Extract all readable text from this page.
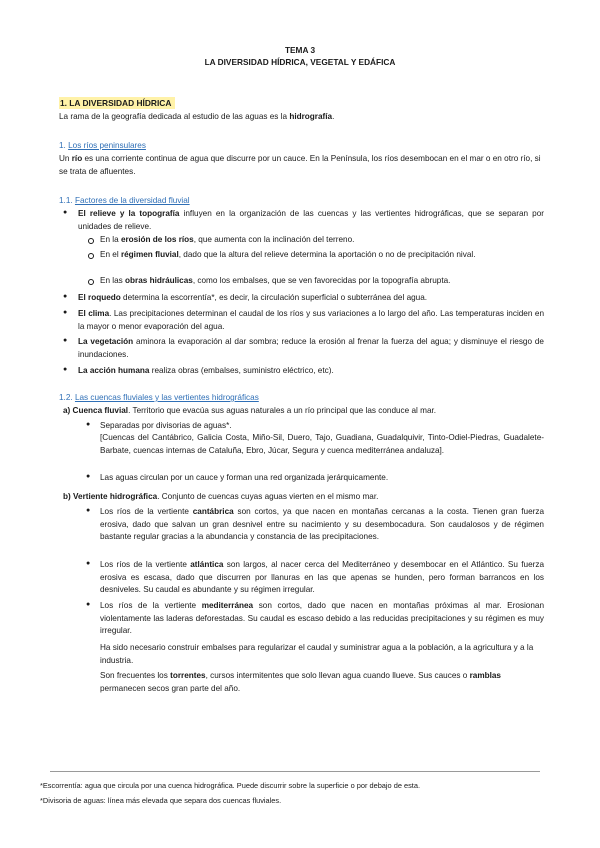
TEMA 3
LA DIVERSIDAD HÍDRICA, VEGETAL Y EDÁFICA
1. LA DIVERSIDAD HÍDRICA
La rama de la geografía dedicada al estudio de las aguas es la hidrografía.
1. Los ríos peninsulares
Un río es una corriente continua de agua que discurre por un cauce. En la Península, los ríos desembocan en el mar o en otro río, si se trata de afluentes.
1.1. Factores de la diversidad fluvial
● El relieve y la topografía influyen en la organización de las cuencas y las vertientes hidrográficas, que se separan por unidades de relieve.
En la erosión de los ríos, que aumenta con la inclinación del terreno.
En el régimen fluvial, dado que la altura del relieve determina la aportación o no de precipitación nival.
En las obras hidráulicas, como los embalses, que se ven favorecidas por la topografía abrupta.
● El roquedo determina la escorrentía*, es decir, la circulación superficial o subterránea del agua.
● El clima. Las precipitaciones determinan el caudal de los ríos y sus variaciones a lo largo del año. Las temperaturas inciden en la mayor o menor evaporación del agua.
● La vegetación aminora la evaporación al dar sombra; reduce la erosión al frenar la fuerza del agua; y disminuye el riesgo de inundaciones.
● La acción humana realiza obras (embalses, suministro eléctrico, etc).
1.2. Las cuencas fluviales y las vertientes hidrográficas
a) Cuenca fluvial. Territorio que evacúa sus aguas naturales a un río principal que las conduce al mar.
● Separadas por divisorias de aguas*.
[Cuencas del Cantábrico, Galicia Costa, Miño-Sil, Duero, Tajo, Guadiana, Guadalquivir, Tinto-Odiel-Piedras, Guadalete-Barbate, cuencas internas de Cataluña, Ebro, Júcar, Segura y cuenca mediterránea andaluza].
● Las aguas circulan por un cauce y forman una red organizada jerárquicamente.
b) Vertiente hidrográfica. Conjunto de cuencas cuyas aguas vierten en el mismo mar.
● Los ríos de la vertiente cantábrica son cortos, ya que nacen en montañas cercanas a la costa. Tienen gran fuerza erosiva, dado que salvan un gran desnivel entre su nacimiento y su desembocadura. Son caudalosos y de régimen bastante regular gracias a la abundancia y constancia de las precipitaciones.
● Los ríos de la vertiente atlántica son largos, al nacer cerca del Mediterráneo y desembocar en el Atlántico. Su fuerza erosiva es escasa, dado que discurren por llanuras en las que apenas se hunden, pero forman barrancos en los desniveles. Su caudal es abundante y su régimen irregular.
● Los ríos de la vertiente mediterránea son cortos, dado que nacen en montañas próximas al mar. Erosionan violentamente las laderas deforestadas. Su caudal es escaso debido a las reducidas precipitaciones y su régimen es muy irregular.
Ha sido necesario construir embalses para regularizar el caudal y suministrar agua a la población, a la agricultura y a la industria.
Son frecuentes los torrentes, cursos intermitentes que solo llevan agua cuando llueve. Sus cauces o ramblas permanecen secos gran parte del año.
*Escorrentía: agua que circula por una cuenca hidrográfica. Puede discurrir sobre la superficie o por debajo de esta.
*Divisoria de aguas: línea más elevada que separa dos cuencas fluviales.
